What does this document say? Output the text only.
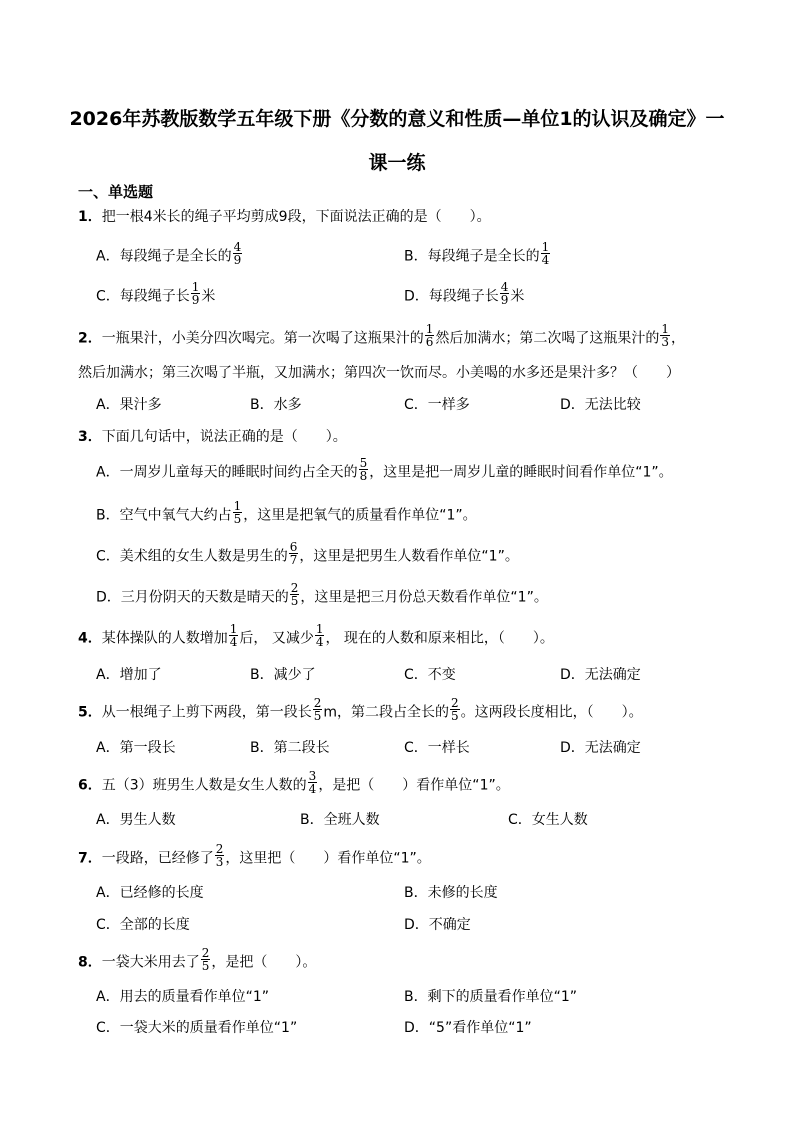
2026年苏教版数学五年级下册《分数的意义和性质—单位1的认识及确定》一
课一练
一、单选题
1．把一根4米长的绳子平均剪成9段，下面说法正确的是（　　）。
A．每段绳子是全长的 $\frac{4}{9}$	B．每段绳子是全长的 $\frac{1}{4}$
C．每段绳子长 $\frac{1}{9}$ 米	D．每段绳子长 $\frac{4}{9}$ 米
2．一瓶果汁，小美分四次喝完。第一次喝了这瓶果汁的 $\frac{1}{6}$ 然后加满水；第二次喝了这瓶果汁的 $\frac{1}{3}$ ，
然后加满水；第三次喝了半瓶，又加满水；第四次一饮而尽。小美喝的水多还是果汁多？（　　）
A．果汁多	B．水多	C．一样多	D．无法比较
3．下面几句话中，说法正确的是（　　）。
A．一周岁儿童每天的睡眠时间约占全天的 $\frac{5}{8}$ ，这里是把一周岁儿童的睡眠时间看作单位“1”。
B．空气中氧气大约占 $\frac{1}{5}$ ，这里是把氧气的质量看作单位“1”。
C．美术组的女生人数是男生的 $\frac{6}{7}$ ，这里是把男生人数看作单位“1”。
D．三月份阴天的天数是晴天的 $\frac{2}{5}$ ，这里是把三月份总天数看作单位“1”。
4．某体操队的人数增加 $\frac{1}{4}$ 后， 又减少 $\frac{1}{4}$ ， 现在的人数和原来相比，（　　）。
A．增加了	B．减少了	C．不变	D．无法确定
5．从一根绳子上剪下两段，第一段长 $\frac{2}{5}$ m，第二段占全长的 $\frac{2}{5}$ 。这两段长度相比，（　　）。
A．第一段长	B．第二段长	C．一样长	D．无法确定
6．五（3）班男生人数是女生人数的 $\frac{3}{4}$ ，是把（　　）看作单位“1”。
A．男生人数	B．全班人数	C．女生人数
7．一段路，已经修了 $\frac{2}{3}$ ，这里把（　　）看作单位“1”。
A．已经修的长度	B．未修的长度
C．全部的长度	D．不确定
8．一袋大米用去了 $\frac{2}{5}$ ，是把（　　）。
A．用去的质量看作单位“1”	B．剩下的质量看作单位“1”
C．一袋大米的质量看作单位“1”	D．“5”看作单位“1”
